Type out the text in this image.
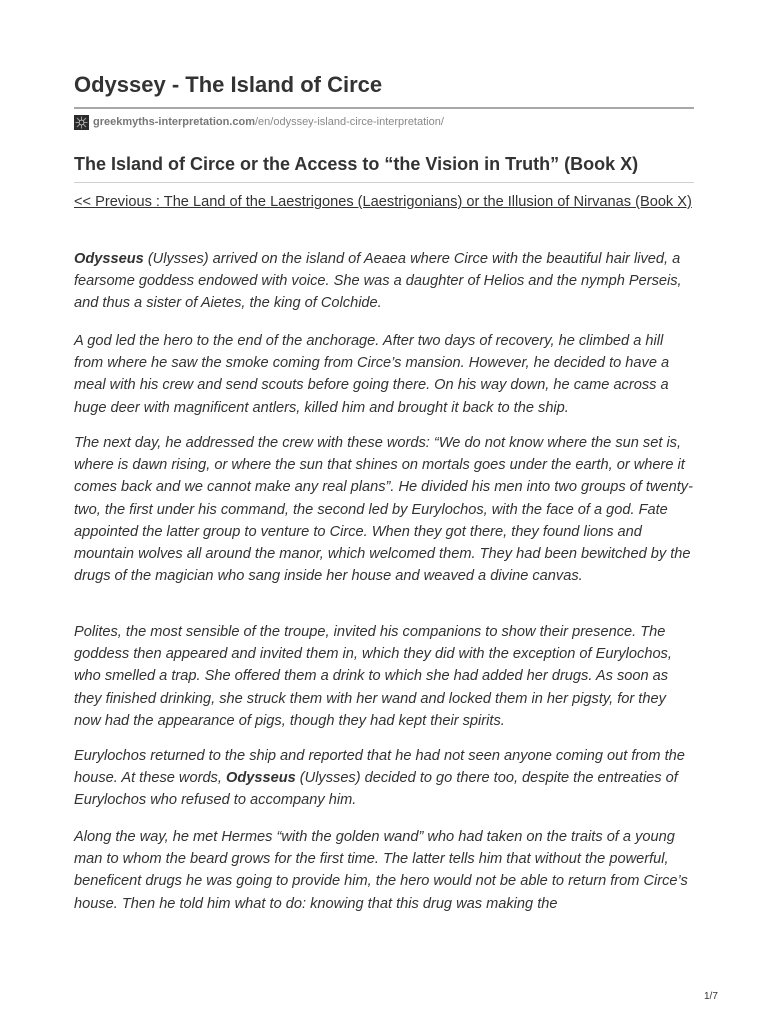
Odyssey - The Island of Circe
greekmyths-interpretation.com /en/odyssey-island-circe-interpretation/
The Island of Circe or the Access to “the Vision in Truth” (Book X)
<< Previous : The Land of the Laestrigones (Laestrigonians) or the Illusion of Nirvanas (Book X)

Odysseus (Ulysses) arrived on the island of Aeaea where Circe with the beautiful hair lived, a fearsome goddess endowed with voice. She was a daughter of Helios and the nymph Perseis, and thus a sister of Aietes, the king of Colchide.

A god led the hero to the end of the anchorage. After two days of recovery, he climbed a hill from where he saw the smoke coming from Circe’s mansion. However, he decided to have a meal with his crew and send scouts before going there. On his way down, he came across a huge deer with magnificent antlers, killed him and brought it back to the ship.

The next day, he addressed the crew with these words: “We do not know where the sun set is, where is dawn rising, or where the sun that shines on mortals goes under the earth, or where it comes back and we cannot make any real plans”. He divided his men into two groups of twenty-two, the first under his command, the second led by Eurylochos, with the face of a god. Fate appointed the latter group to venture to Circe. When they got there, they found lions and mountain wolves all around the manor, which welcomed them. They had been bewitched by the drugs of the magician who sang inside her house and weaved a divine canvas.

Polites, the most sensible of the troupe, invited his companions to show their presence. The goddess then appeared and invited them in, which they did with the exception of Eurylochos, who smelled a trap. She offered them a drink to which she had added her drugs. As soon as they finished drinking, she struck them with her wand and locked them in her pigsty, for they now had the appearance of pigs, though they had kept their spirits.

Eurylochos returned to the ship and reported that he had not seen anyone coming out from the house. At these words, Odysseus (Ulysses) decided to go there too, despite the entreaties of Eurylochos who refused to accompany him.

Along the way, he met Hermes “with the golden wand” who had taken on the traits of a young man to whom the beard grows for the first time. The latter tells him that without the powerful, beneficent drugs he was going to provide him, the hero would not be able to return from Circe’s house. Then he told him what to do: knowing that this drug was making the

1/7
